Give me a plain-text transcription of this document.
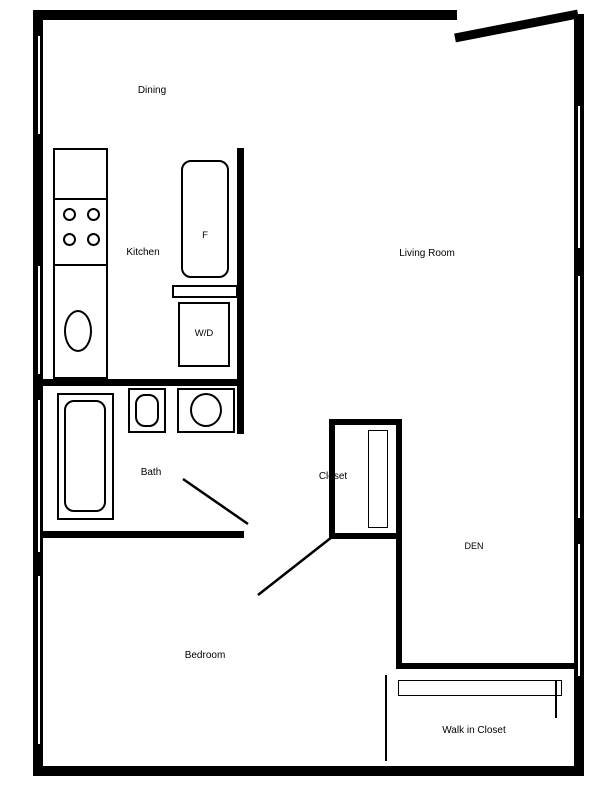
F
W/D
Dining
Kitchen	Living Room
Bath	Closet
DEN
Bedroom
Walk in Closet
